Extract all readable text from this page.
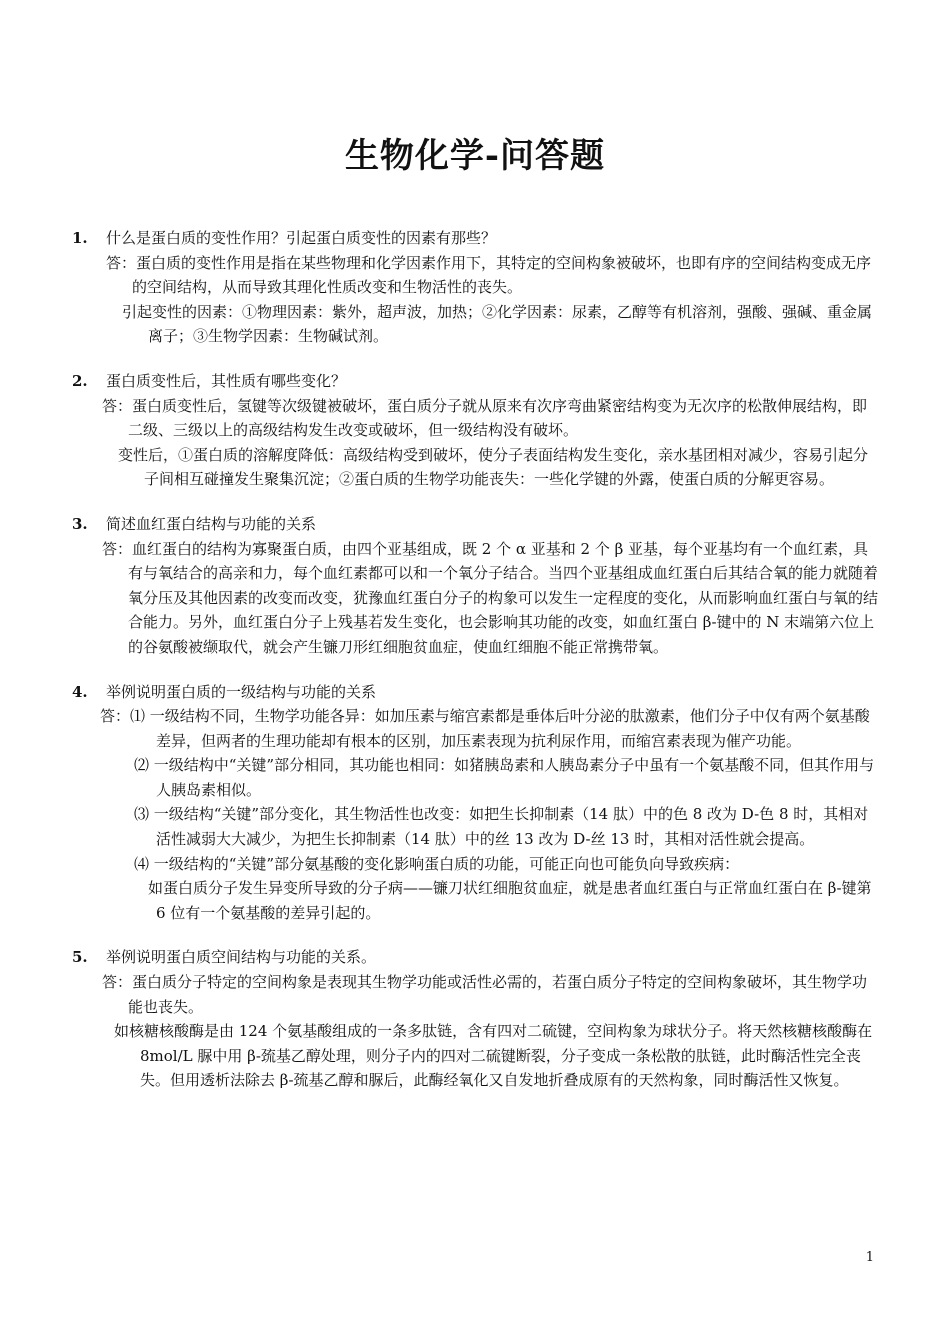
生物化学-问答题
1. 什么是蛋白质的变性作用？引起蛋白质变性的因素有那些？

答：蛋白质的变性作用是指在某些物理和化学因素作用下，其特定的空间构象被破坏，也即有序的空间结构变成无序的空间结构，从而导致其理化性质改变和生物活性的丧失。

引起变性的因素：①物理因素：紫外，超声波，加热；②化学因素：尿素，乙醇等有机溶剂，强酸、强碱、重金属离子；③生物学因素：生物碱试剂。

2. 蛋白质变性后，其性质有哪些变化？

答：蛋白质变性后，氢键等次级键被破坏，蛋白质分子就从原来有次序弯曲紧密结构变为无次序的松散伸展结构，即二级、三级以上的高级结构发生改变或破坏，但一级结构没有破坏。

变性后，①蛋白质的溶解度降低：高级结构受到破坏，使分子表面结构发生变化，亲水基团相对减少，容易引起分子间相互碰撞发生聚集沉淀；②蛋白质的生物学功能丧失：一些化学键的外露，使蛋白质的分解更容易。

3. 简述血红蛋白结构与功能的关系

答：血红蛋白的结构为寡聚蛋白质，由四个亚基组成，既 2 个 α 亚基和 2 个 β 亚基，每个亚基均有一个血红素，具有与氧结合的高亲和力，每个血红素都可以和一个氧分子结合。当四个亚基组成血红蛋白后其结合氧的能力就随着氧分压及其他因素的改变而改变，犹豫血红蛋白分子的构象可以发生一定程度的变化，从而影响血红蛋白与氧的结合能力。另外，血红蛋白分子上残基若发生变化，也会影响其功能的改变，如血红蛋白 β-键中的 N 末端第六位上的谷氨酸被缬取代，就会产生镰刀形红细胞贫血症，使血红细胞不能正常携带氧。

4. 举例说明蛋白质的一级结构与功能的关系

答：⑴ 一级结构不同，生物学功能各异：如加压素与缩宫素都是垂体后叶分泌的肽激素，他们分子中仅有两个氨基酸差异，但两者的生理功能却有根本的区别，加压素表现为抗利尿作用，而缩宫素表现为催产功能。

⑵ 一级结构中“关键”部分相同，其功能也相同：如猪胰岛素和人胰岛素分子中虽有一个氨基酸不同，但其作用与人胰岛素相似。

⑶ 一级结构“关键”部分变化，其生物活性也改变：如把生长抑制素（14 肽）中的色 8 改为 D-色 8 时，其相对活性减弱大大减少，为把生长抑制素（14 肽）中的丝 13 改为 D-丝 13 时，其相对活性就会提高。

⑷ 一级结构的“关键”部分氨基酸的变化影响蛋白质的功能，可能正向也可能负向导致疾病：

如蛋白质分子发生异变所导致的分子病——镰刀状红细胞贫血症，就是患者血红蛋白与正常血红蛋白在 β-键第 6 位有一个氨基酸的差异引起的。

5. 举例说明蛋白质空间结构与功能的关系。

答：蛋白质分子特定的空间构象是表现其生物学功能或活性必需的，若蛋白质分子特定的空间构象破坏，其生物学功能也丧失。

如核糖核酸酶是由 124 个氨基酸组成的一条多肽链，含有四对二硫键，空间构象为球状分子。将天然核糖核酸酶在 8mol/L 脲中用 β-巯基乙醇处理，则分子内的四对二硫键断裂，分子变成一条松散的肽链，此时酶活性完全丧失。但用透析法除去 β-巯基乙醇和脲后，此酶经氧化又自发地折叠成原有的天然构象，同时酶活性又恢复。

1
